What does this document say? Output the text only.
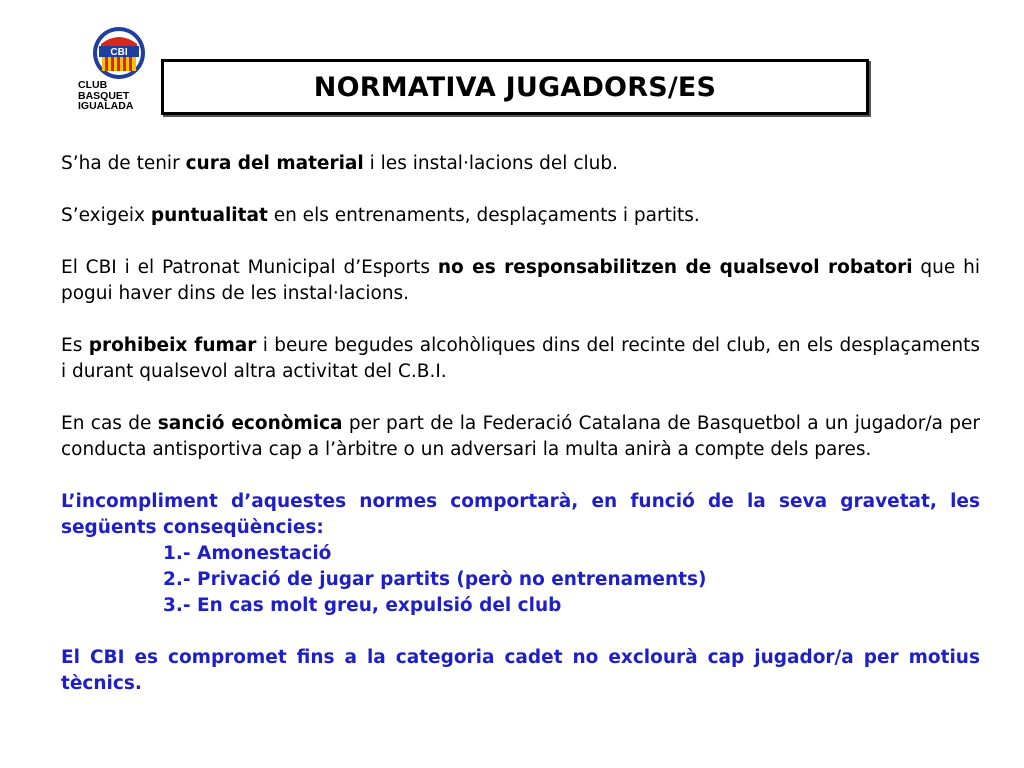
CBI
CLUB
BASQUET
IGUALADA
NORMATIVA JUGADORS/ES

S’ha de tenir cura del material i les instal·lacions del club.

S’exigeix puntualitat en els entrenaments, desplaçaments i partits.

El CBI i el Patronat Municipal d’Esports no es responsabilitzen de qualsevol robatori que hi pogui haver dins de les instal·lacions.

Es prohibeix fumar i beure begudes alcohòliques dins del recinte del club, en els desplaçaments i durant qualsevol altra activitat del C.B.I.

En cas de sanció econòmica per part de la Federació Catalana de Basquetbol a un jugador/a per conducta antisportiva cap a l’àrbitre o un adversari la multa anirà a compte dels pares.

L’incompliment d’aquestes normes comportarà, en funció de la seva gravetat, les següents conseqüències:
1.- Amonestació
2.- Privació de jugar partits (però no entrenaments)
3.- En cas molt greu, expulsió del club

El CBI es compromet fins a la categoria cadet no exclourà cap jugador/a per motius tècnics.
